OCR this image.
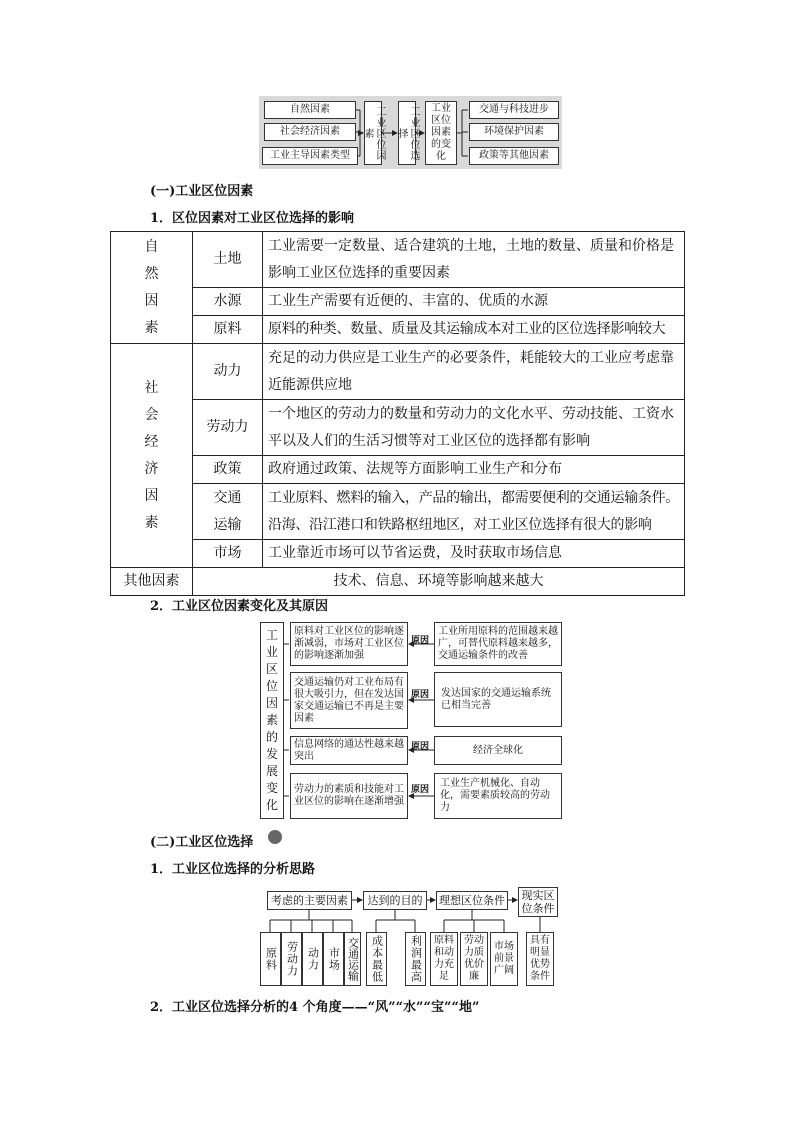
自然因素
社会经济因素
工业主导因素类型	工业区位因素	工业区位选择
工业区位因素的变化
交通与科技进步
环境保护因素
政策等其他因素
(一)工业区位因素
1．区位因素对工业区位选择的影响
自然因素	土地	工业需要一定数量、适合建筑的土地，土地的数量、质量和价格是影响工业区位选择的重要因素
	水源	工业生产需要有近便的、丰富的、优质的水源
	原料	原料的种类、数量、质量及其运输成本对工业的区位选择影响较大

社会经济因素	动力	充足的动力供应是工业生产的必要条件，耗能较大的工业应考虑靠近能源供应地
	劳动力	一个地区的劳动力的数量和劳动力的文化水平、劳动技能、工资水平以及人们的生活习惯等对工业区位的选择都有影响
	政策	政府通过政策、法规等方面影响工业生产和分布

	交通运输	工业原料、燃料的输入，产品的输出，都需要便利的交通运输条件。沿海、沿江港口和铁路枢纽地区，对工业区位选择有很大的影响
	市场	工业靠近市场可以节省运费，及时获取市场信息
其他因素	技术、信息、环境等影响越来越大	
2．工业区位因素变化及其原因
工业区位因素的发展变化
原料对工业区位的影响逐渐减弱，市场对工业区位的影响逐渐加强
交通运输仍对工业布局有很大吸引力，但在发达国家交通运输已不再是主要因素
信息网络的通达性越来越突出
劳动力的素质和技能对工业区位的影响在逐渐增强
工业所用原料的范围越来越广，可替代原料越来越多，交通运输条件的改善
发达国家的交通运输系统已相当完善
经济全球化
工业生产机械化、自动化，需要素质较高的劳动力
原因
原因
原因
原因
(二)工业区位选择
1．工业区位选择的分析思路
考虑的主要因素 达到的目的 理想区位条件 现实区位条件
原料 劳动力 动力 市场 交通运输 成本最低 利润最高 原料和动力充足
劳动力质优价廉
市场前景广阔
具有明显优势条件
2．工业区位选择分析的4 个角度——“风”“水”“宝”“地”
